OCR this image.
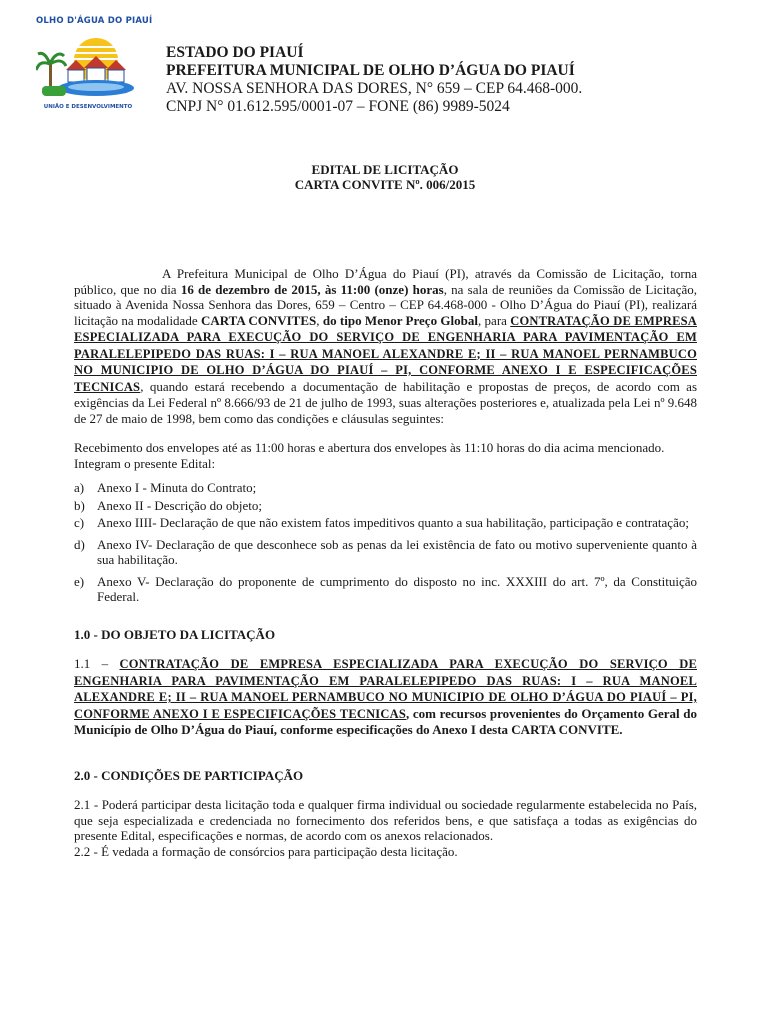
OLHO D'ÁGUA DO PIAUÍ
UNIÃO E DESENVOLVIMENTO
ESTADO DO PIAUÍ
PREFEITURA MUNICIPAL DE OLHO D’ÁGUA DO PIAUÍ
AV. NOSSA SENHORA DAS DORES, N° 659 – CEP 64.468-000.
CNPJ N° 01.612.595/0001-07 – FONE (86) 9989-5024
EDITAL DE LICITAÇÃO
CARTA CONVITE Nº. 006/2015

A Prefeitura Municipal de Olho D’Água do Piauí (PI), através da Comissão de Licitação, torna público, que no dia 16 de dezembro de 2015, às 11:00 (onze) horas, na sala de reuniões da Comissão de Licitação, situado à Avenida Nossa Senhora das Dores, 659 – Centro – CEP 64.468-000 - Olho D’Água do Piauí (PI), realizará licitação na modalidade CARTA CONVITES, do tipo Menor Preço Global, para CONTRATAÇÃO DE EMPRESA ESPECIALIZADA PARA EXECUÇÃO DO SERVIÇO DE ENGENHARIA PARA PAVIMENTAÇÃO EM PARALELEPIPEDO DAS RUAS: I – RUA MANOEL ALEXANDRE E; II – RUA MANOEL PERNAMBUCO NO MUNICIPIO DE OLHO D’ÁGUA DO PIAUÍ – PI, CONFORME ANEXO I E ESPECIFICAÇÕES TECNICAS, quando estará recebendo a documentação de habilitação e propostas de preços, de acordo com as exigências da Lei Federal nº 8.666/93 de 21 de julho de 1993, suas alterações posteriores e, atualizada pela Lei nº 9.648 de 27 de maio de 1998, bem como das condições e cláusulas seguintes:

Recebimento dos envelopes até as 11:00 horas e abertura dos envelopes às 11:10 horas do dia acima mencionado.

Integram o presente Edital:

a) Anexo I - Minuta do Contrato;
b) Anexo II - Descrição do objeto;
c) Anexo IIII- Declaração de que não existem fatos impeditivos quanto a sua habilitação, participação e contratação;
d) Anexo IV- Declaração de que desconhece sob as penas da lei existência de fato ou motivo superveniente quanto à sua habilitação.
e) Anexo V- Declaração do proponente de cumprimento do disposto no inc. XXXIII do art. 7º, da Constituição Federal.
1.0 - DO OBJETO DA LICITAÇÃO

1.1 – CONTRATAÇÃO DE EMPRESA ESPECIALIZADA PARA EXECUÇÃO DO SERVIÇO DE ENGENHARIA PARA PAVIMENTAÇÃO EM PARALELEPIPEDO DAS RUAS: I – RUA MANOEL ALEXANDRE E; II – RUA MANOEL PERNAMBUCO NO MUNICIPIO DE OLHO D’ÁGUA DO PIAUÍ – PI, CONFORME ANEXO I E ESPECIFICAÇÕES TECNICAS, com recursos provenientes do Orçamento Geral do Município de Olho D’Água do Piauí, conforme especificações do Anexo I desta CARTA CONVITE.

2.0 - CONDIÇÕES DE PARTICIPAÇÃO

2.1 - Poderá participar desta licitação toda e qualquer firma individual ou sociedade regularmente estabelecida no País, que seja especializada e credenciada no fornecimento dos referidos bens, e que satisfaça a todas as exigências do presente Edital, especificações e normas, de acordo com os anexos relacionados.

2.2 - É vedada a formação de consórcios para participação desta licitação.
